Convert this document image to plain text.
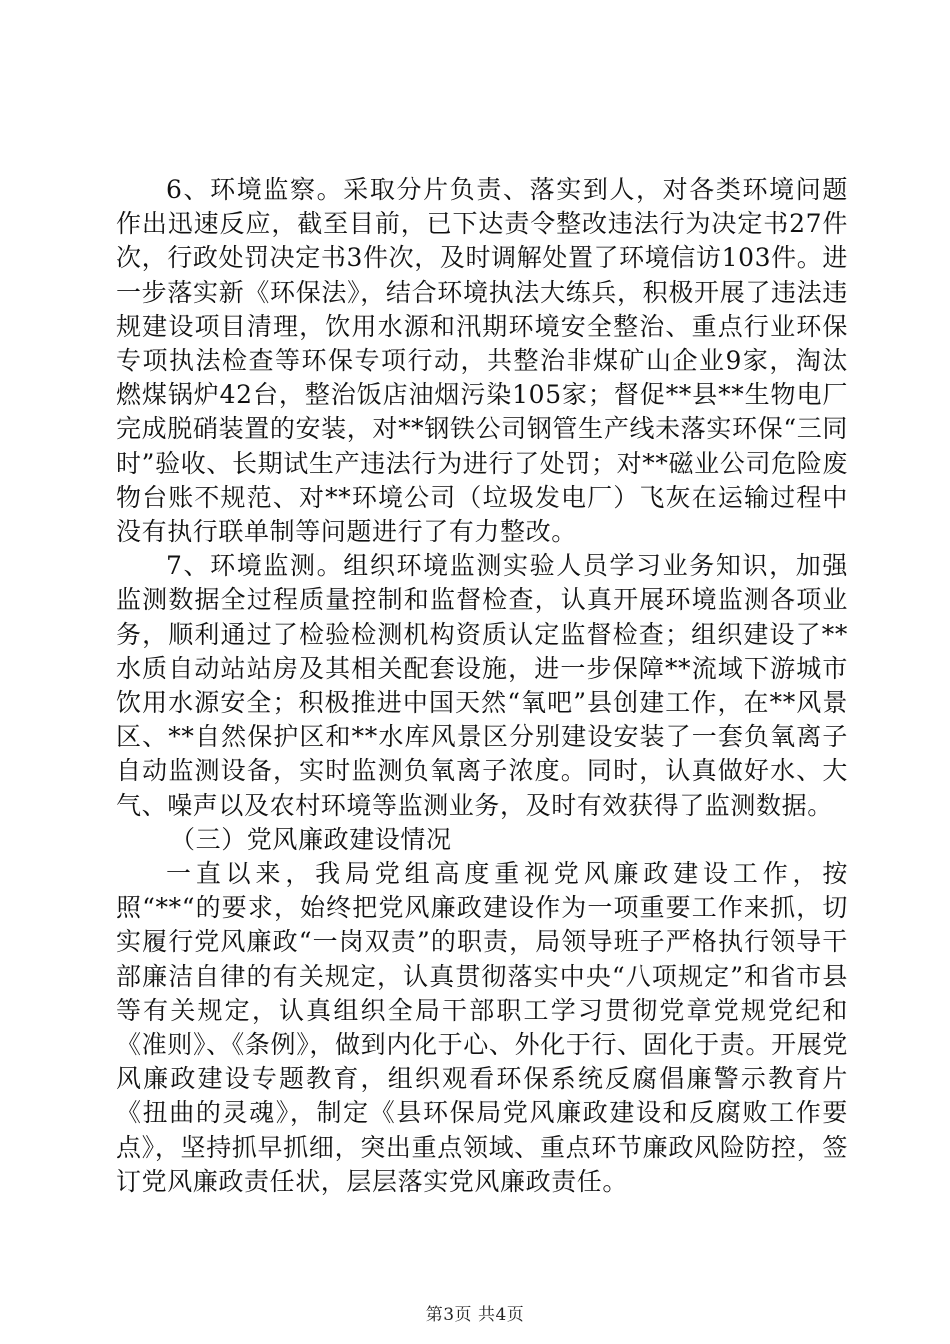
6、环境监察。采取分片负责、落实到人，对各类环境问题作出迅速反应，截至目前，已下达责令整改违法行为决定书27件次，行政处罚决定书3件次，及时调解处置了环境信访103件。进一步落实新《环保法》，结合环境执法大练兵，积极开展了违法违规建设项目清理，饮用水源和汛期环境安全整治、重点行业环保专项执法检查等环保专项行动，共整治非煤矿山企业9家，淘汰燃煤锅炉42台，整治饭店油烟污染105家；督促**县**生物电厂完成脱硝装置的安装，对**钢铁公司钢管生产线未落实环保“三同时”验收、长期试生产违法行为进行了处罚；对**磁业公司危险废物台账不规范、对**环境公司（垃圾发电厂）飞灰在运输过程中没有执行联单制等问题进行了有力整改。

7、环境监测。组织环境监测实验人员学习业务知识，加强监测数据全过程质量控制和监督检查，认真开展环境监测各项业务，顺利通过了检验检测机构资质认定监督检查；组织建设了**水质自动站站房及其相关配套设施，进一步保障**流域下游城市饮用水源安全；积极推进中国天然“氧吧”县创建工作，在**风景区、**自然保护区和**水库风景区分别建设安装了一套负氧离子自动监测设备，实时监测负氧离子浓度。同时，认真做好水、大气、噪声以及农村环境等监测业务，及时有效获得了监测数据。

（三）党风廉政建设情况

一直以来，我局党组高度重视党风廉政建设工作，按照“**“的要求，始终把党风廉政建设作为一项重要工作来抓，切实履行党风廉政“一岗双责”的职责，局领导班子严格执行领导干部廉洁自律的有关规定，认真贯彻落实中央“八项规定”和省市县等有关规定，认真组织全局干部职工学习贯彻党章党规党纪和《准则》、《条例》，做到内化于心、外化于行、固化于责。开展党风廉政建设专题教育，组织观看环保系统反腐倡廉警示教育片《扭曲的灵魂》，制定《县环保局党风廉政建设和反腐败工作要点》，坚持抓早抓细，突出重点领域、重点环节廉政风险防控，签订党风廉政责任状，层层落实党风廉政责任。

第3页 共4页
